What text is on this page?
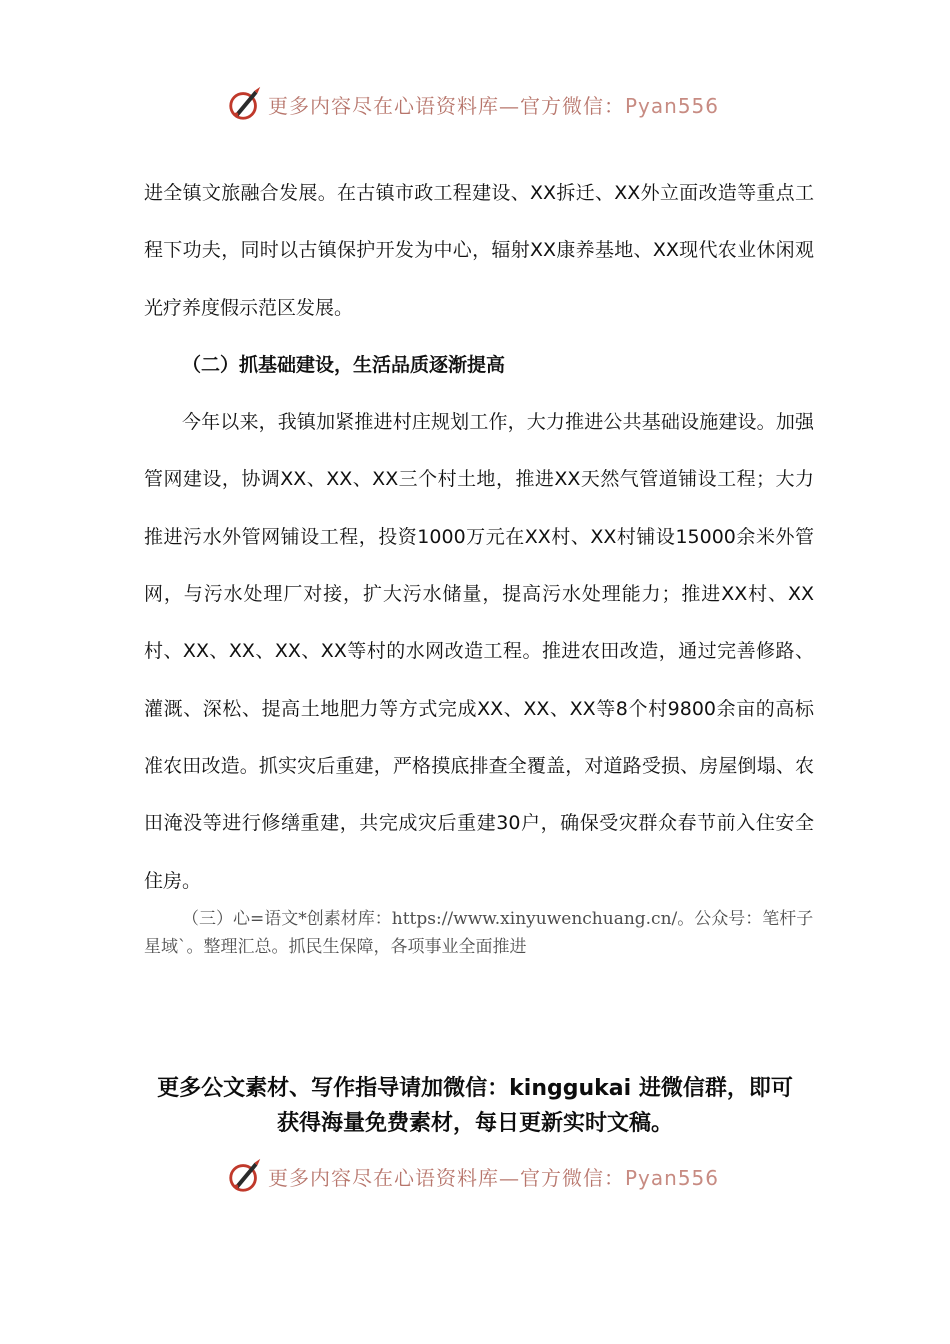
更多内容尽在心语资料库—官方微信：Pyan556

进全镇文旅融合发展。在古镇市政工程建设、XX拆迁、XX外立面改造等重点工程下功夫，同时以古镇保护开发为中心，辐射XX康养基地、XX现代农业休闲观光疗养度假示范区发展。

（二）抓基础建设，生活品质逐渐提高

今年以来，我镇加紧推进村庄规划工作，大力推进公共基础设施建设。加强管网建设，协调XX、XX、XX三个村土地，推进XX天然气管道铺设工程；大力推进污水外管网铺设工程，投资1000万元在XX村、XX村铺设15000余米外管网，与污水处理厂对接，扩大污水储量，提高污水处理能力；推进XX村、XX村、XX、XX、XX、XX等村的水网改造工程。推进农田改造，通过完善修路、灌溉、深松、提高土地肥力等方式完成XX、XX、XX等8个村9800余亩的高标准农田改造。抓实灾后重建，严格摸底排查全覆盖，对道路受损、房屋倒塌、农田淹没等进行修缮重建，共完成灾后重建30户，确保受灾群众春节前入住安全住房。

（三）心=语文*创素材库：https://www.xinyuwenchuang.cn/。公众号：笔杆子星域`。整理汇总。抓民生保障，各项事业全面推进
更多公文素材、写作指导请加微信：kinggukai 进微信群，即可
获得海量免费素材，每日更新实时文稿。
更多内容尽在心语资料库—官方微信：Pyan556
